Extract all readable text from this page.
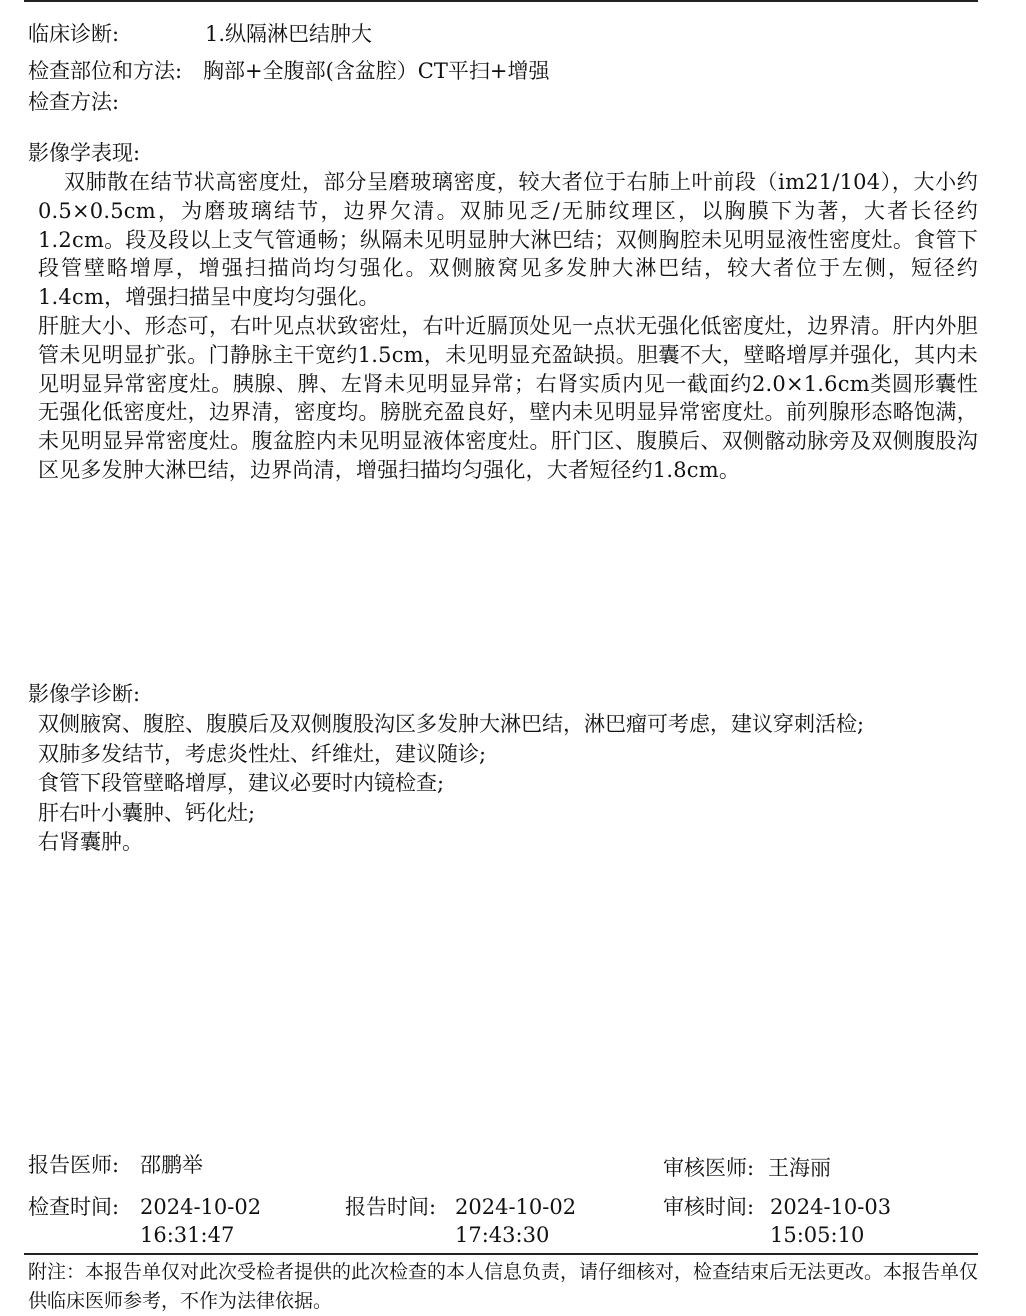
临床诊断:	1.纵隔淋巴结肿大
检查部位和方法: 胸部+全腹部(含盆腔）CT平扫+增强
检查方法:
影像学表现:

双肺散在结节状高密度灶，部分呈磨玻璃密度，较大者位于右肺上叶前段（im21/104），大小约0.5×0.5cm，为磨玻璃结节，边界欠清。双肺见乏/无肺纹理区，以胸膜下为著，大者长径约1.2cm。段及段以上支气管通畅；纵隔未见明显肿大淋巴结；双侧胸腔未见明显液性密度灶。食管下段管壁略增厚，增强扫描尚均匀强化。双侧腋窝见多发肿大淋巴结，较大者位于左侧，短径约1.4cm，增强扫描呈中度均匀强化。

肝脏大小、形态可，右叶见点状致密灶，右叶近膈顶处见一点状无强化低密度灶，边界清。肝内外胆管未见明显扩张。门静脉主干宽约1.5cm，未见明显充盈缺损。胆囊不大，壁略增厚并强化，其内未见明显异常密度灶。胰腺、脾、左肾未见明显异常；右肾实质内见一截面约2.0×1.6cm类圆形囊性无强化低密度灶，边界清，密度均。膀胱充盈良好，壁内未见明显异常密度灶。前列腺形态略饱满，未见明显异常密度灶。腹盆腔内未见明显液体密度灶。肝门区、腹膜后、双侧髂动脉旁及双侧腹股沟区见多发肿大淋巴结，边界尚清，增强扫描均匀强化，大者短径约1.8cm。

影像学诊断:
双侧腋窝、腹腔、腹膜后及双侧腹股沟区多发肿大淋巴结，淋巴瘤可考虑，建议穿刺活检;
双肺多发结节，考虑炎性灶、纤维灶，建议随诊;
食管下段管壁略增厚，建议必要时内镜检查;
肝右叶小囊肿、钙化灶;
右肾囊肿。
报告医师: 邵鹏举	审核医师: 王海丽
检查时间: 2024-10-02
16:31:47
报告时间: 2024-10-02
17:43:30
审核时间: 2024-10-03
15:05:10
附注：本报告单仅对此次受检者提供的此次检查的本人信息负责，请仔细核对，检查结束后无法更改。本报告单仅供临床医师参考，不作为法律依据。
